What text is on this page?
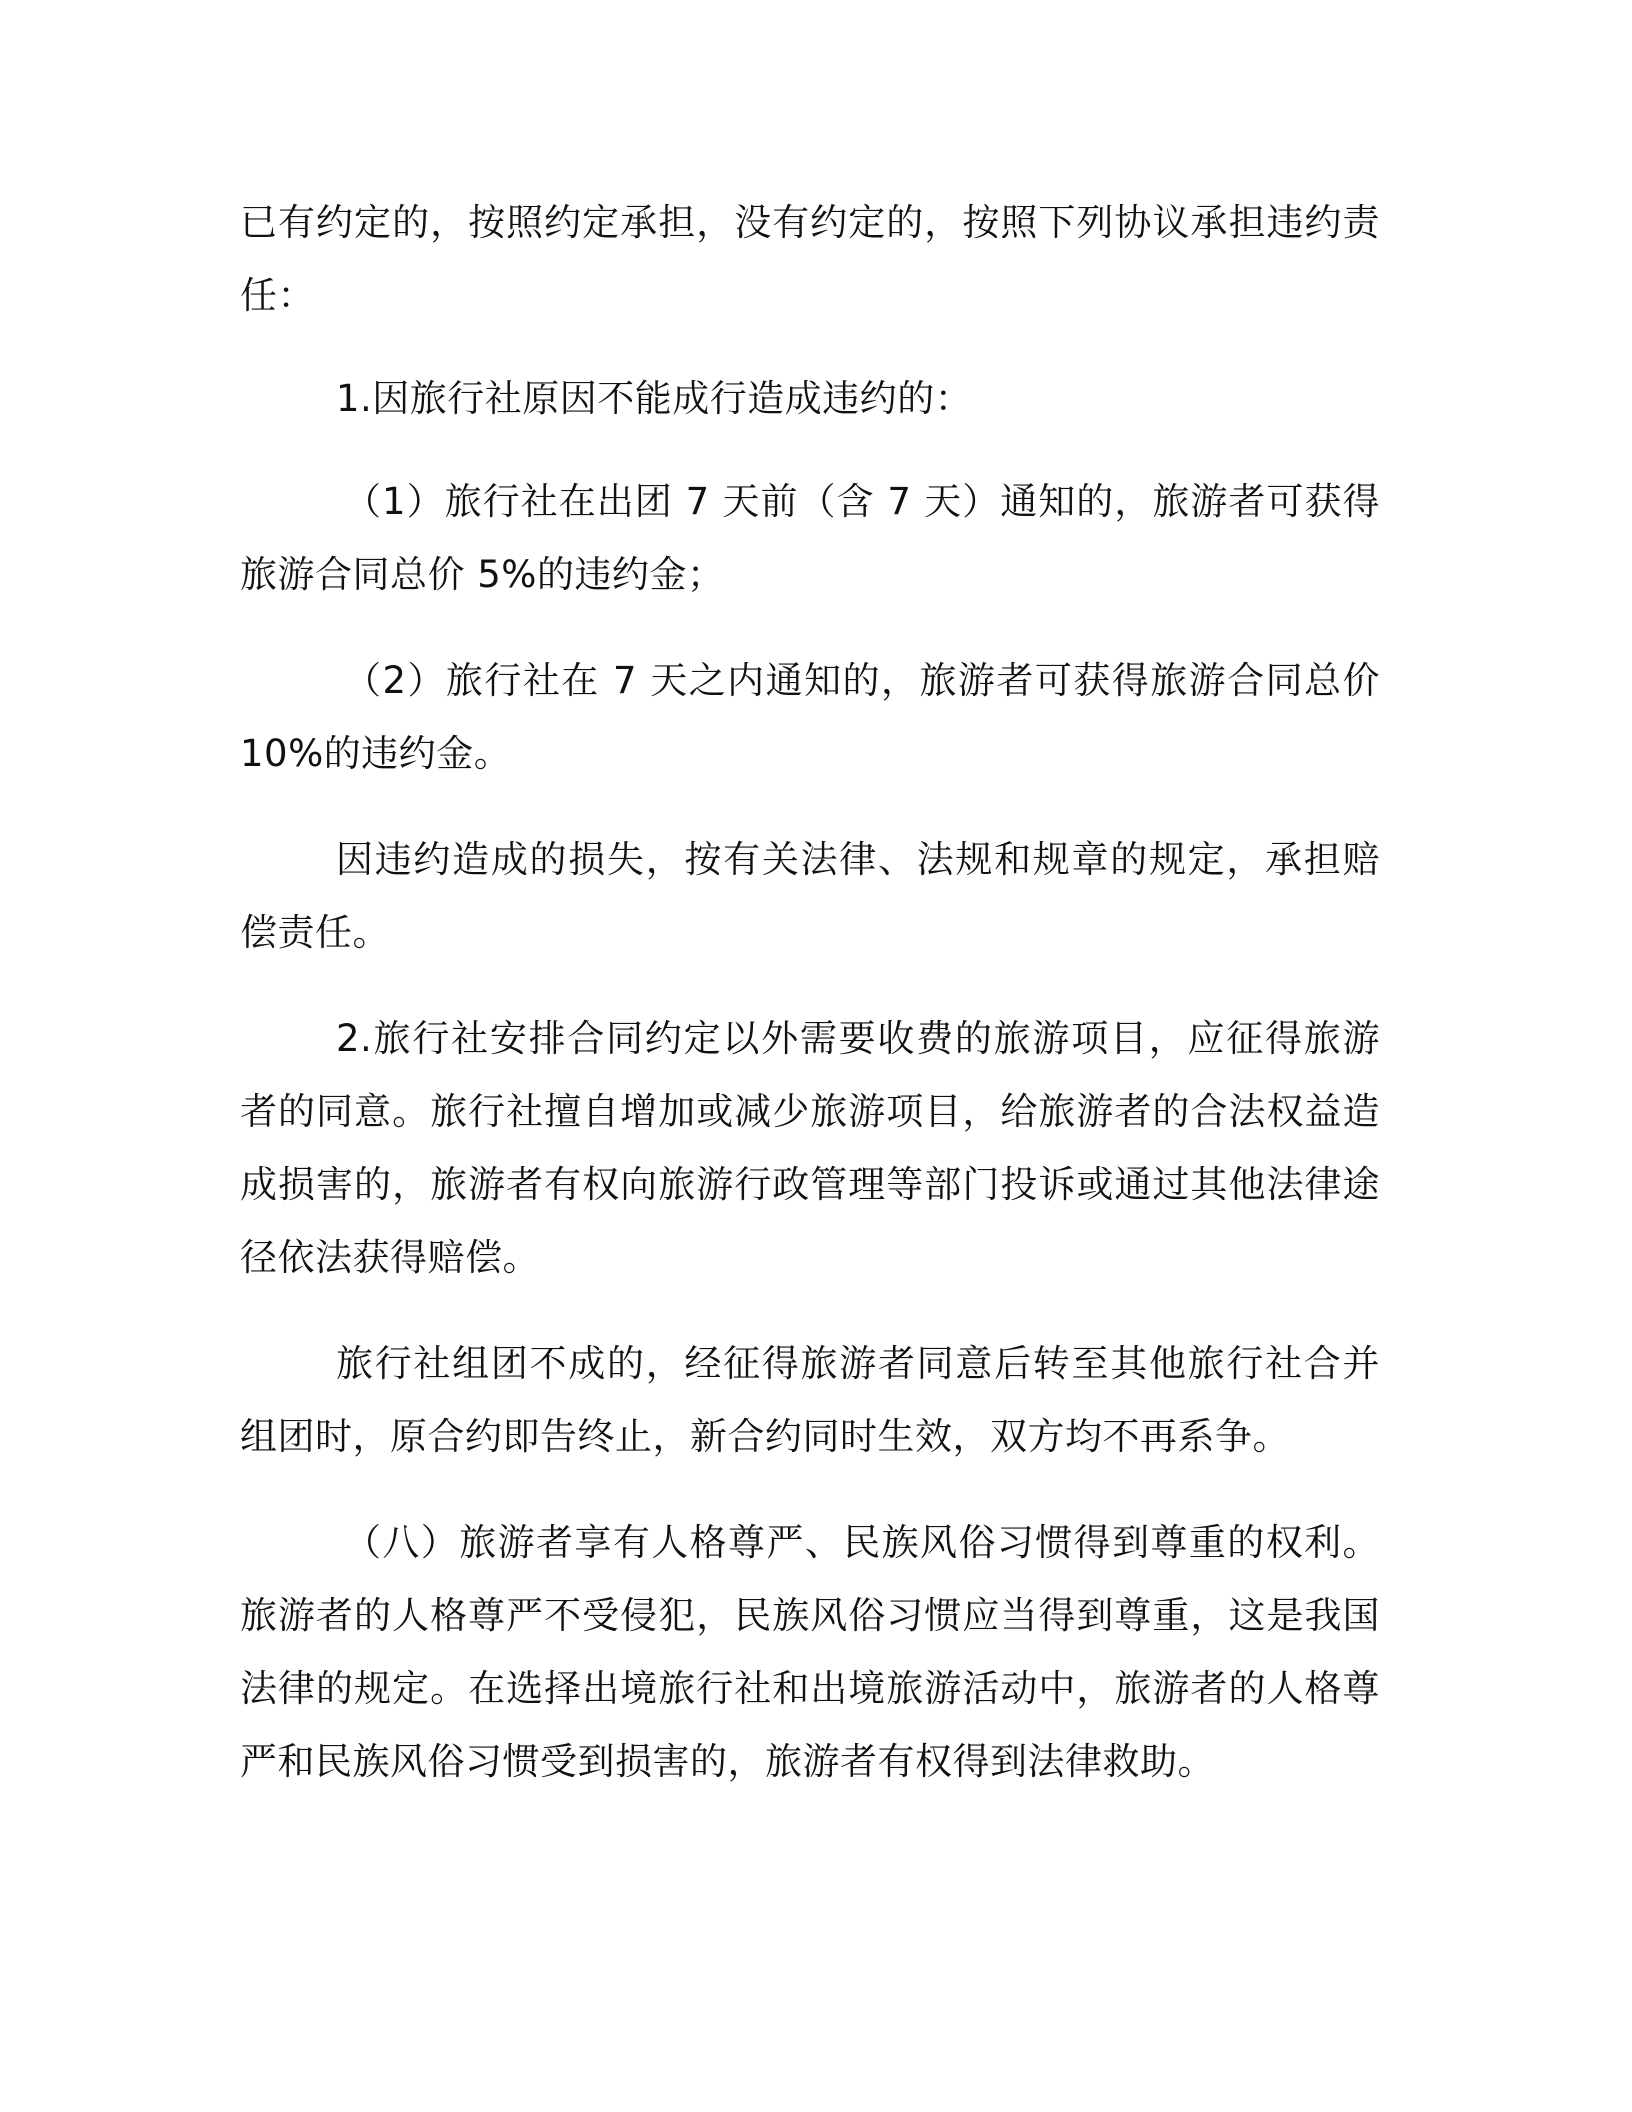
已有约定的，按照约定承担，没有约定的，按照下列协议承担违约责任：

1.因旅行社原因不能成行造成违约的：

（1）旅行社在出团 7 天前（含 7 天）通知的，旅游者可获得旅游合同总价 5%的违约金；

（2）旅行社在 7 天之内通知的，旅游者可获得旅游合同总价 10%的违约金。

因违约造成的损失，按有关法律、法规和规章的规定，承担赔偿责任。

2.旅行社安排合同约定以外需要收费的旅游项目，应征得旅游者的同意。旅行社擅自增加或减少旅游项目，给旅游者的合法权益造成损害的，旅游者有权向旅游行政管理等部门投诉或通过其他法律途径依法获得赔偿。

旅行社组团不成的，经征得旅游者同意后转至其他旅行社合并组团时，原合约即告终止，新合约同时生效，双方均不再系争。

（八）旅游者享有人格尊严、民族风俗习惯得到尊重的权利。旅游者的人格尊严不受侵犯，民族风俗习惯应当得到尊重，这是我国法律的规定。在选择出境旅行社和出境旅游活动中，旅游者的人格尊严和民族风俗习惯受到损害的，旅游者有权得到法律救助。
